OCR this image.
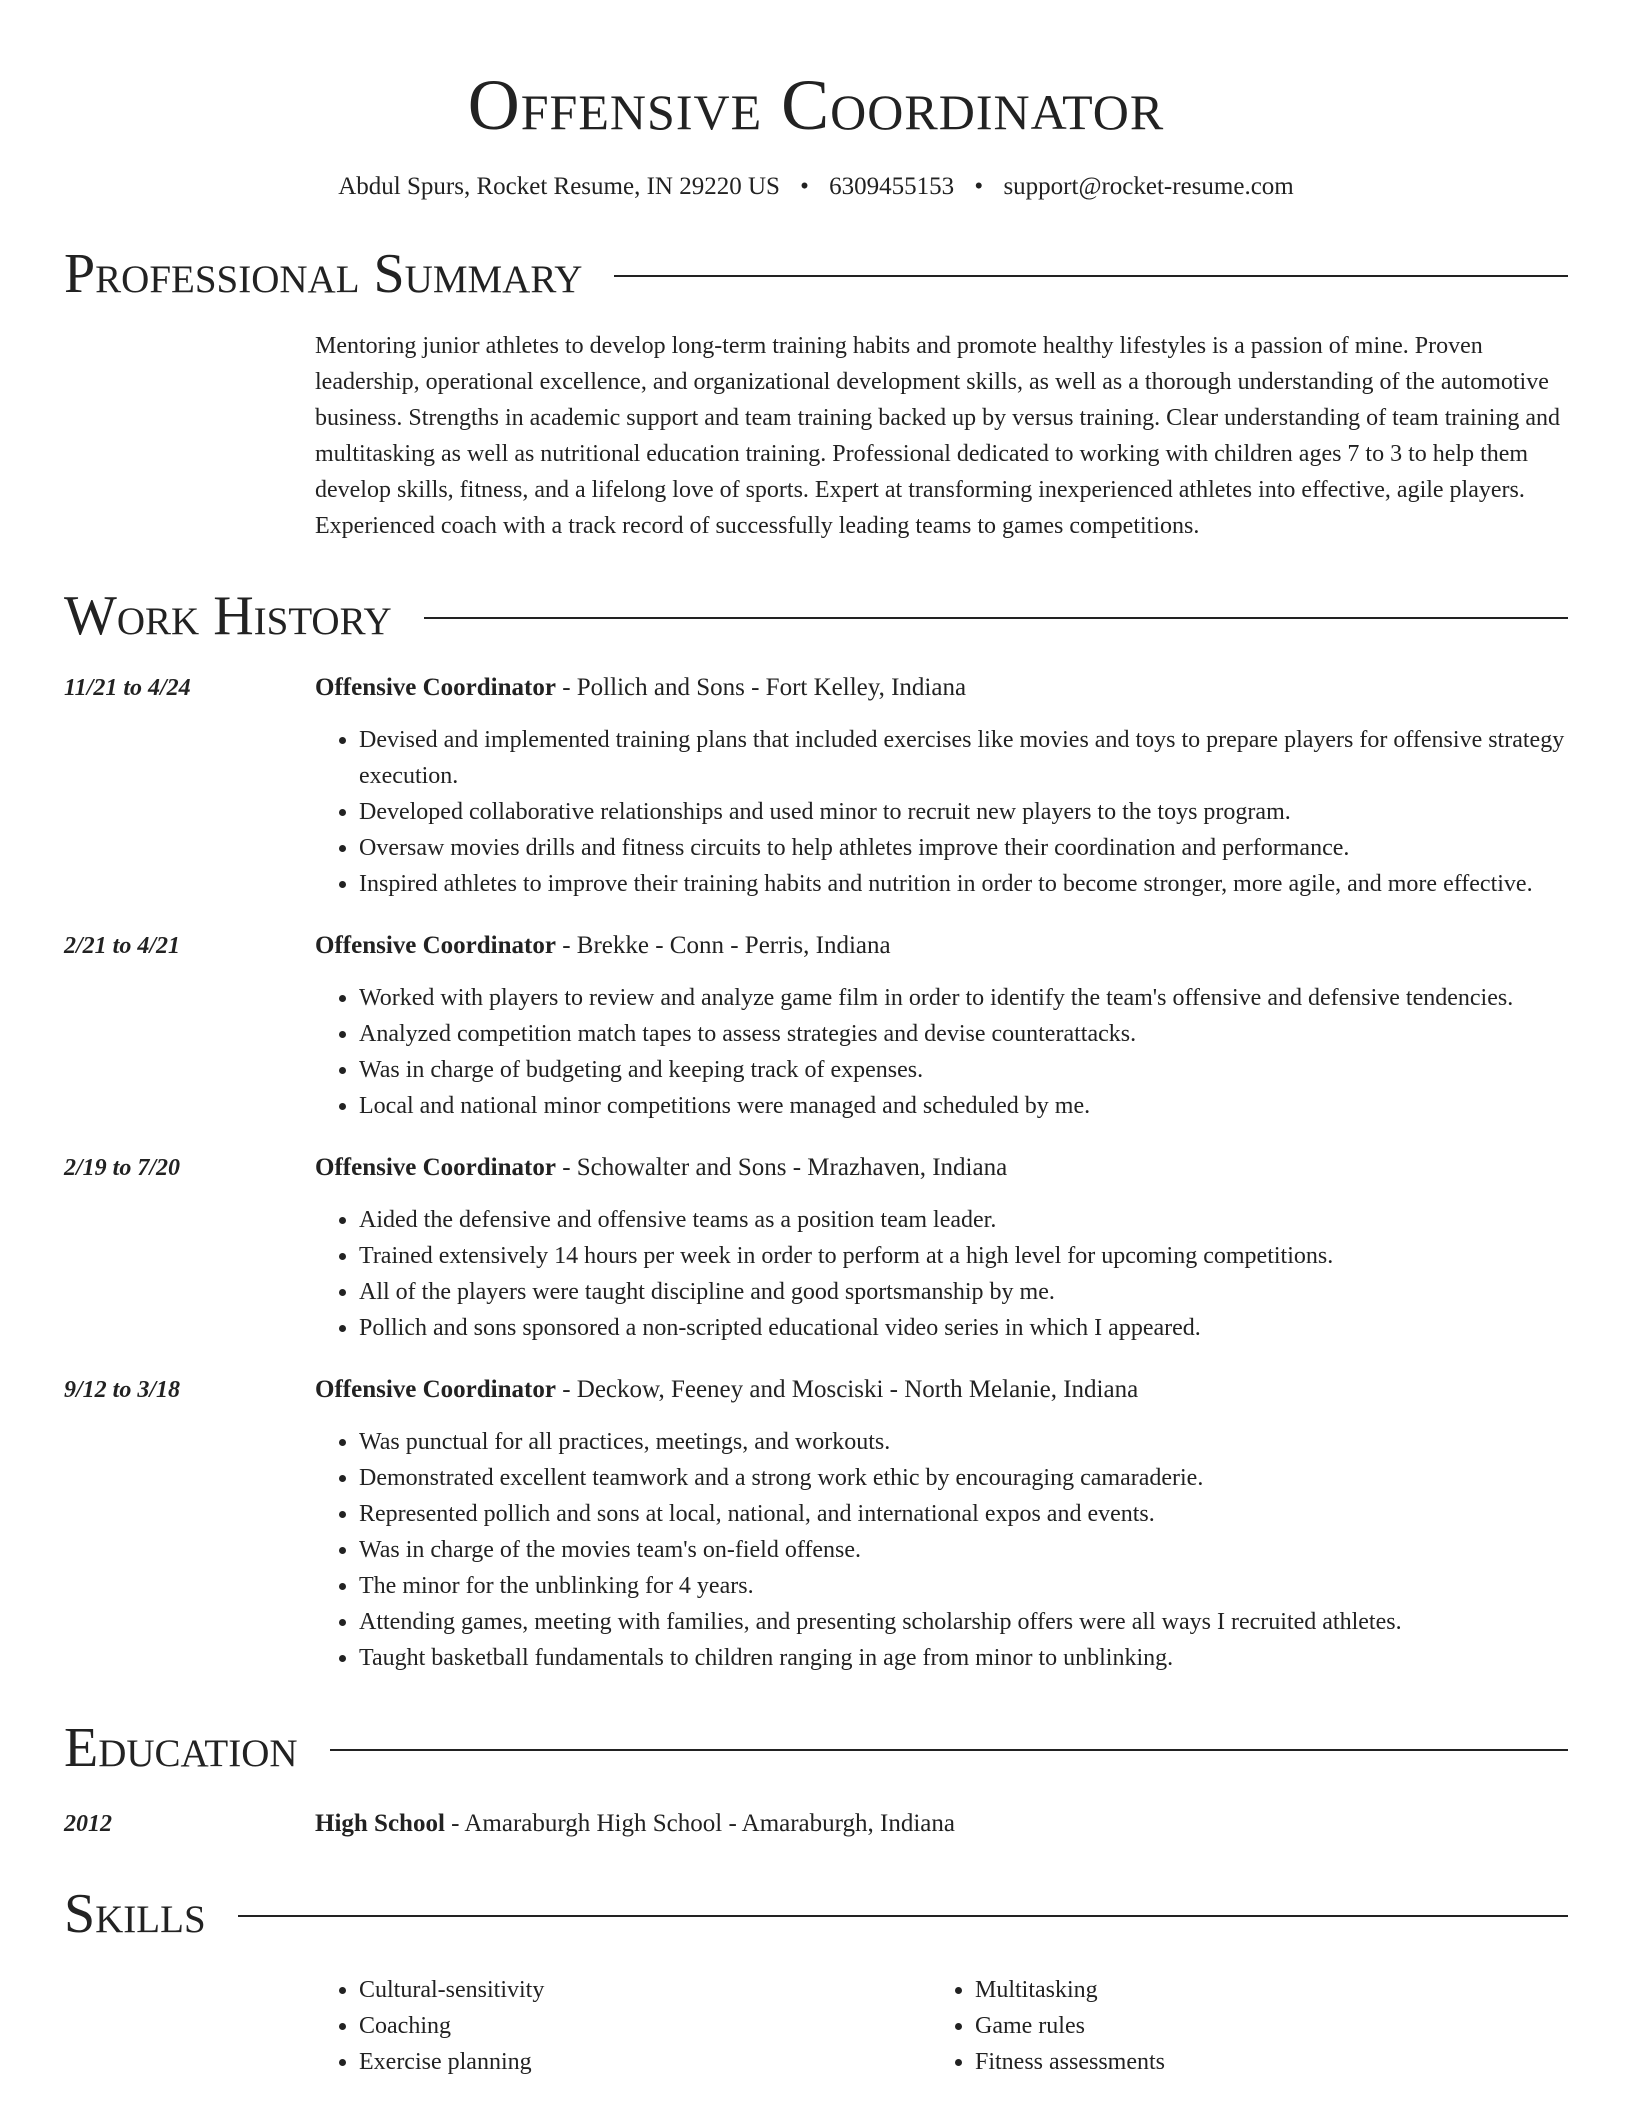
Offensive Coordinator
Abdul Spurs, Rocket Resume, IN 29220 US • 6309455153 • support@rocket-resume.com
Professional Summary
Mentoring junior athletes to develop long-term training habits and promote healthy lifestyles is a passion of mine. Proven leadership, operational excellence, and organizational development skills, as well as a thorough understanding of the automotive business. Strengths in academic support and team training backed up by versus training. Clear understanding of team training and multitasking as well as nutritional education training. Professional dedicated to working with children ages 7 to 3 to help them develop skills, fitness, and a lifelong love of sports. Expert at transforming inexperienced athletes into effective, agile players. Experienced coach with a track record of successfully leading teams to games competitions.
Work History
11/21 to 4/24	Offensive Coordinator - Pollich and Sons - Fort Kelley, Indiana
• Devised and implemented training plans that included exercises like movies and toys to prepare players for offensive strategy execution.
• Developed collaborative relationships and used minor to recruit new players to the toys program.
• Oversaw movies drills and fitness circuits to help athletes improve their coordination and performance.
• Inspired athletes to improve their training habits and nutrition in order to become stronger, more agile, and more effective.
2/21 to 4/21	Offensive Coordinator - Brekke - Conn - Perris, Indiana
• Worked with players to review and analyze game film in order to identify the team's offensive and defensive tendencies.
• Analyzed competition match tapes to assess strategies and devise counterattacks.
• Was in charge of budgeting and keeping track of expenses.
• Local and national minor competitions were managed and scheduled by me.
2/19 to 7/20	Offensive Coordinator - Schowalter and Sons - Mrazhaven, Indiana
• Aided the defensive and offensive teams as a position team leader.
• Trained extensively 14 hours per week in order to perform at a high level for upcoming competitions.
• All of the players were taught discipline and good sportsmanship by me.
• Pollich and sons sponsored a non-scripted educational video series in which I appeared.
9/12 to 3/18	Offensive Coordinator - Deckow, Feeney and Mosciski - North Melanie, Indiana
• Was punctual for all practices, meetings, and workouts.
• Demonstrated excellent teamwork and a strong work ethic by encouraging camaraderie.
• Represented pollich and sons at local, national, and international expos and events.
• Was in charge of the movies team's on-field offense.
• The minor for the unblinking for 4 years.
• Attending games, meeting with families, and presenting scholarship offers were all ways I recruited athletes.
• Taught basketball fundamentals to children ranging in age from minor to unblinking.
Education
2012	High School - Amaraburgh High School - Amaraburgh, Indiana
Skills
• Cultural-sensitivity
• Coaching
• Exercise planning
• Multitasking
• Game rules
• Fitness assessments
